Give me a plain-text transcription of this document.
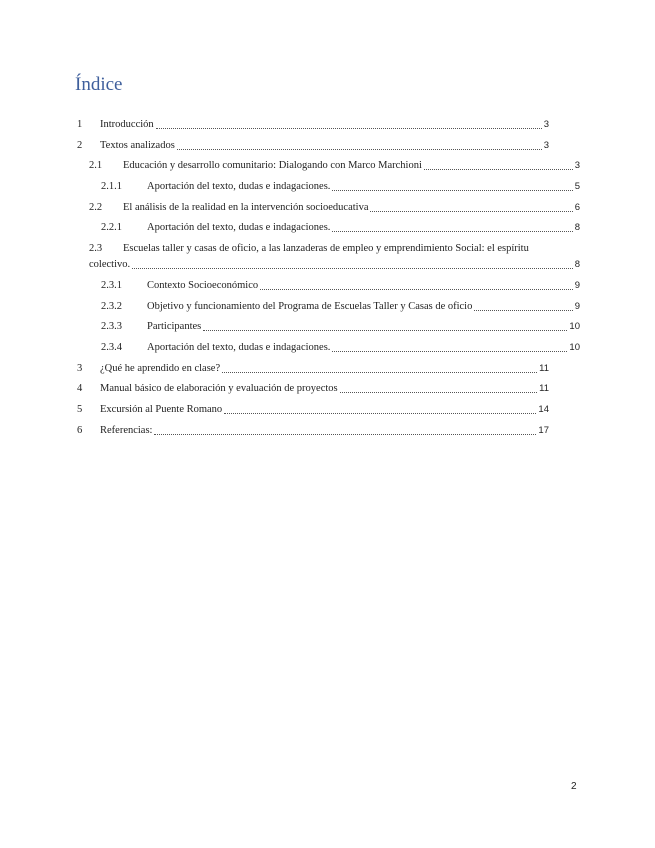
Índice
1	Introducción	3
2	Textos analizados	3
2.1	Educación y desarrollo comunitario: Dialogando con Marco Marchioni	3
2.1.1	Aportación del texto, dudas e indagaciones.	5
2.2	El análisis de la realidad en la intervención socioeducativa	6
2.2.1	Aportación del texto, dudas e indagaciones.	8
2.3	Escuelas taller y casas de oficio, a las lanzaderas de empleo y emprendimiento Social: el espíritu
colectivo.	8
2.3.1	Contexto Socioeconómico	9
2.3.2	Objetivo y funcionamiento del Programa de Escuelas Taller y Casas de oficio	9
2.3.3	Participantes	10
2.3.4	Aportación del texto, dudas e indagaciones.	10
3	¿Qué he aprendido en clase?	11
4	Manual básico de elaboración y evaluación de proyectos	11
5	Excursión al Puente Romano	14
6	Referencias:	17
2
